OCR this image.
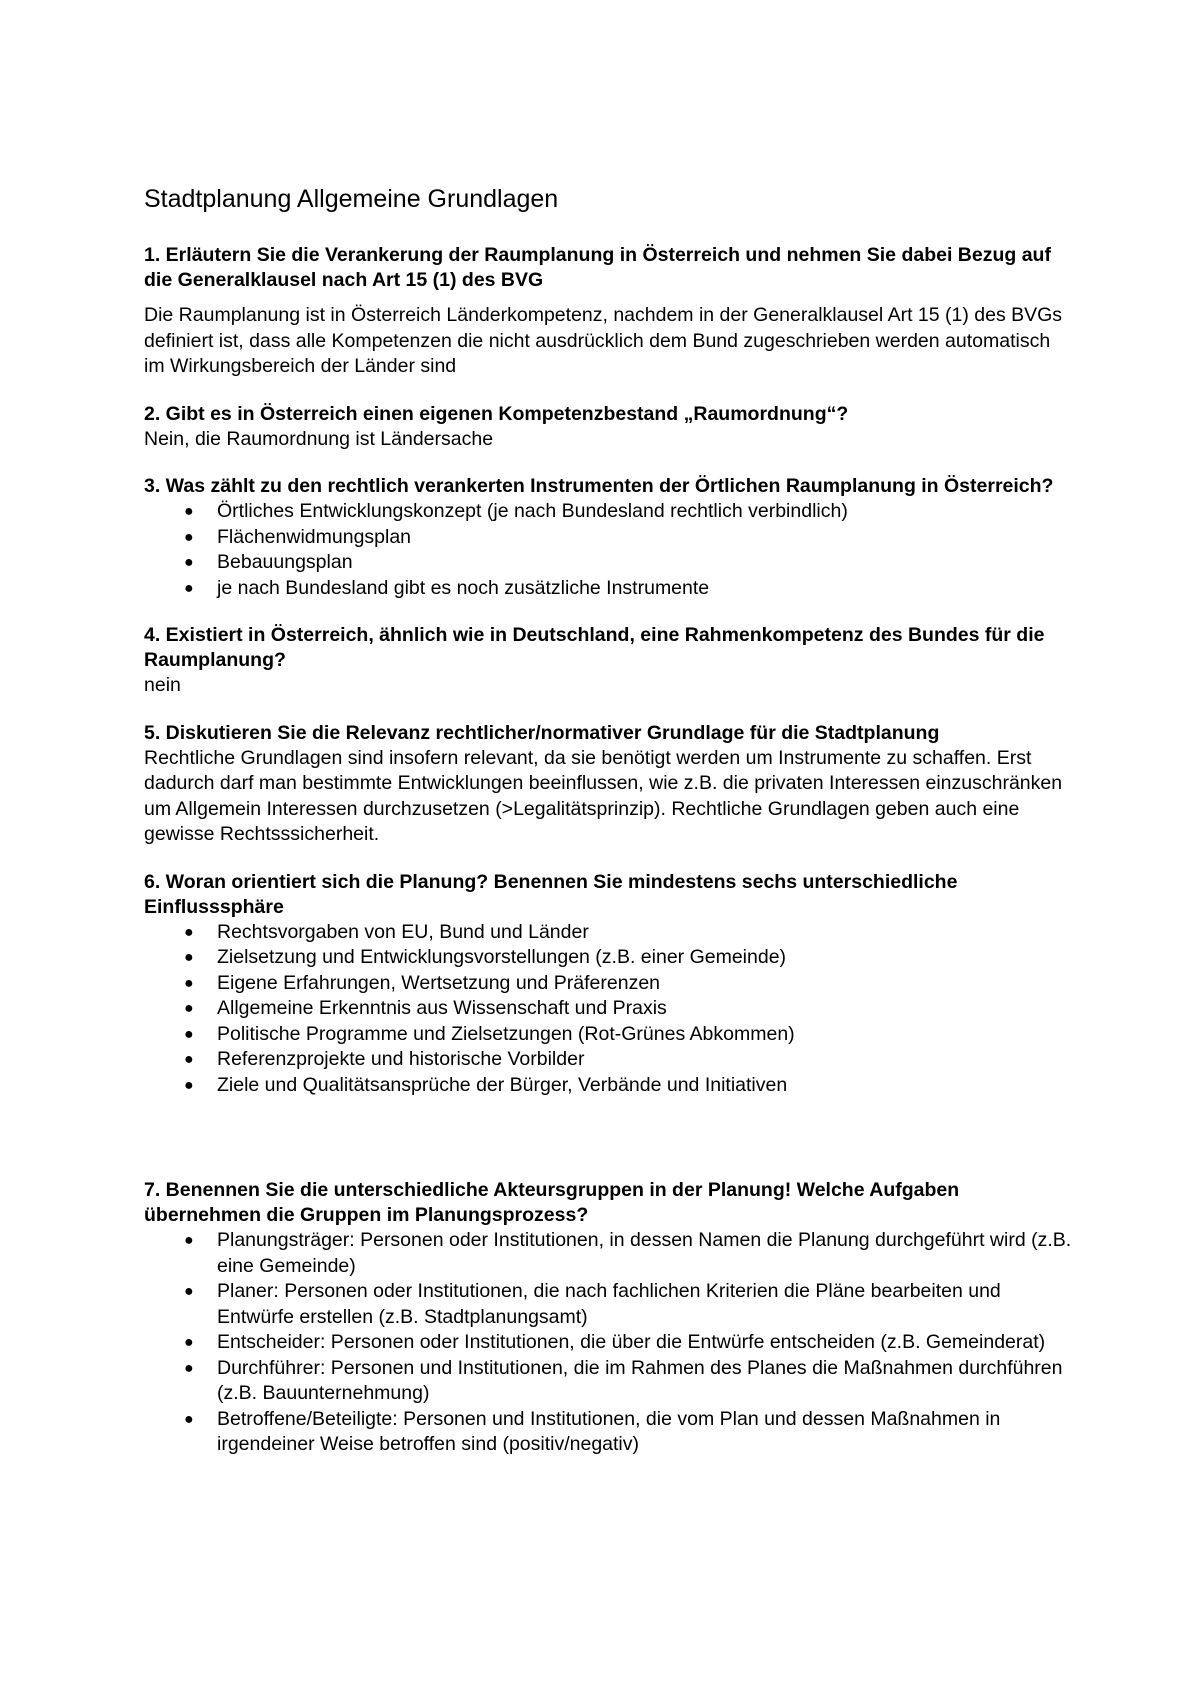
Stadtplanung Allgemeine Grundlagen

1. Erläutern Sie die Verankerung der Raumplanung in Österreich und nehmen Sie dabei Bezug auf die Generalklausel nach Art 15 (1) des BVG

Die Raumplanung ist in Österreich Länderkompetenz, nachdem in der Generalklausel Art 15 (1) des BVGs definiert ist, dass alle Kompetenzen die nicht ausdrücklich dem Bund zugeschrieben werden automatisch im Wirkungsbereich der Länder sind

2. Gibt es in Österreich einen eigenen Kompetenzbestand „Raumordnung“?

Nein, die Raumordnung ist Ländersache

3. Was zählt zu den rechtlich verankerten Instrumenten der Örtlichen Raumplanung in Österreich?

● Örtliches Entwicklungskonzept (je nach Bundesland rechtlich verbindlich)
● Flächenwidmungsplan
● Bebauungsplan
● je nach Bundesland gibt es noch zusätzliche Instrumente

4. Existiert in Österreich, ähnlich wie in Deutschland, eine Rahmenkompetenz des Bundes für die Raumplanung?

nein

5. Diskutieren Sie die Relevanz rechtlicher/normativer Grundlage für die Stadtplanung

Rechtliche Grundlagen sind insofern relevant, da sie benötigt werden um Instrumente zu schaffen. Erst dadurch darf man bestimmte Entwicklungen beeinflussen, wie z.B. die privaten Interessen einzuschränken um Allgemein Interessen durchzusetzen (>Legalitätsprinzip). Rechtliche Grundlagen geben auch eine gewisse Rechtsssicherheit.

6. Woran orientiert sich die Planung? Benennen Sie mindestens sechs unterschiedliche Einflusssphäre

● Rechtsvorgaben von EU, Bund und Länder
● Zielsetzung und Entwicklungsvorstellungen (z.B. einer Gemeinde)
● Eigene Erfahrungen, Wertsetzung und Präferenzen
● Allgemeine Erkenntnis aus Wissenschaft und Praxis
● Politische Programme und Zielsetzungen (Rot-Grünes Abkommen)
● Referenzprojekte und historische Vorbilder
● Ziele und Qualitätsansprüche der Bürger, Verbände und Initiativen

7. Benennen Sie die unterschiedliche Akteursgruppen in der Planung! Welche Aufgaben übernehmen die Gruppen im Planungsprozess?

● Planungsträger: Personen oder Institutionen, in dessen Namen die Planung durchgeführt wird (z.B. eine Gemeinde)
● Planer: Personen oder Institutionen, die nach fachlichen Kriterien die Pläne bearbeiten und Entwürfe erstellen (z.B. Stadtplanungsamt)
● Entscheider: Personen oder Institutionen, die über die Entwürfe entscheiden (z.B. Gemeinderat)
● Durchführer: Personen und Institutionen, die im Rahmen des Planes die Maßnahmen durchführen (z.B. Bauunternehmung)
● Betroffene/Beteiligte: Personen und Institutionen, die vom Plan und dessen Maßnahmen in irgendeiner Weise betroffen sind (positiv/negativ)
